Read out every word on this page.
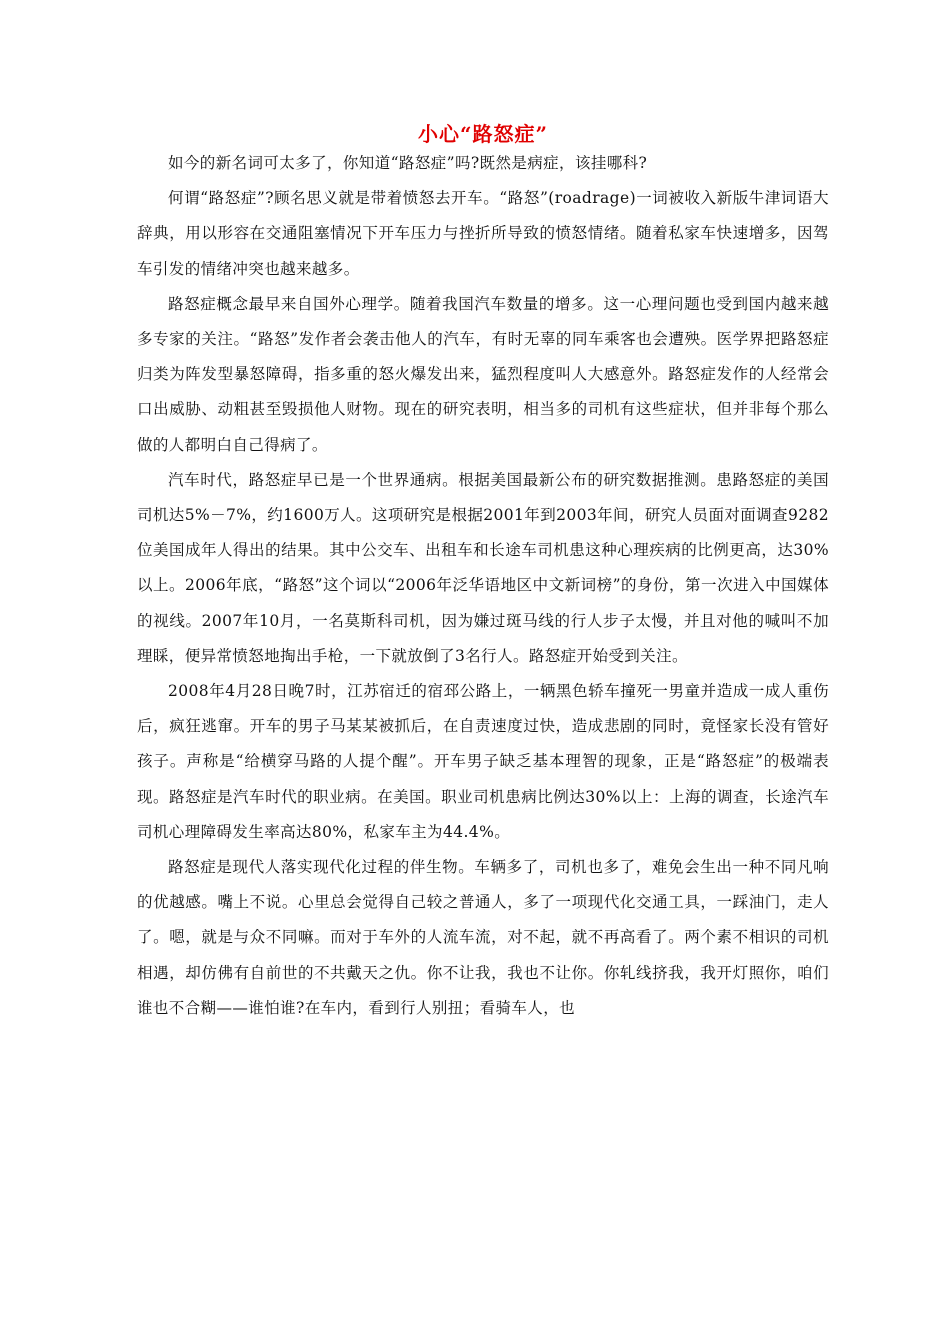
小心“路怒症”

如今的新名词可太多了，你知道“路怒症”吗?既然是病症，该挂哪科?

何谓“路怒症”?顾名思义就是带着愤怒去开车。“路怒”(roadrage)一词被收入新版牛津词语大辞典，用以形容在交通阻塞情况下开车压力与挫折所导致的愤怒情绪。随着私家车快速增多，因驾车引发的情绪冲突也越来越多。

路怒症概念最早来自国外心理学。随着我国汽车数量的增多。这一心理问题也受到国内越来越多专家的关注。“路怒”发作者会袭击他人的汽车，有时无辜的同车乘客也会遭殃。医学界把路怒症归类为阵发型暴怒障碍，指多重的怒火爆发出来，猛烈程度叫人大感意外。路怒症发作的人经常会口出威胁、动粗甚至毁损他人财物。现在的研究表明，相当多的司机有这些症状，但并非每个那么做的人都明白自己得病了。

汽车时代，路怒症早已是一个世界通病。根据美国最新公布的研究数据推测。患路怒症的美国司机达5%－7%，约1600万人。这项研究是根据2001年到2003年间，研究人员面对面调查9282位美国成年人得出的结果。其中公交车、出租车和长途车司机患这种心理疾病的比例更高，达30%以上。2006年底，“路怒”这个词以“2006年泛华语地区中文新词榜”的身份，第一次进入中国媒体的视线。2007年10月，一名莫斯科司机，因为嫌过斑马线的行人步子太慢，并且对他的喊叫不加理睬，便异常愤怒地掏出手枪，一下就放倒了3名行人。路怒症开始受到关注。

2008年4月28日晚7时，江苏宿迁的宿邳公路上，一辆黑色轿车撞死一男童并造成一成人重伤后，疯狂逃窜。开车的男子马某某被抓后，在自责速度过快，造成悲剧的同时，竟怪家长没有管好孩子。声称是“给横穿马路的人提个醒”。开车男子缺乏基本理智的现象，正是“路怒症”的极端表现。路怒症是汽车时代的职业病。在美国。职业司机患病比例达30%以上：上海的调查，长途汽车司机心理障碍发生率高达80%，私家车主为44.4%。

路怒症是现代人落实现代化过程的伴生物。车辆多了，司机也多了，难免会生出一种不同凡响的优越感。嘴上不说。心里总会觉得自己较之普通人，多了一项现代化交通工具，一踩油门，走人了。嗯，就是与众不同嘛。而对于车外的人流车流，对不起，就不再高看了。两个素不相识的司机相遇，却仿佛有自前世的不共戴天之仇。你不让我，我也不让你。你轧线挤我，我开灯照你，咱们谁也不合糊——谁怕谁?在车内，看到行人别扭；看骑车人，也
